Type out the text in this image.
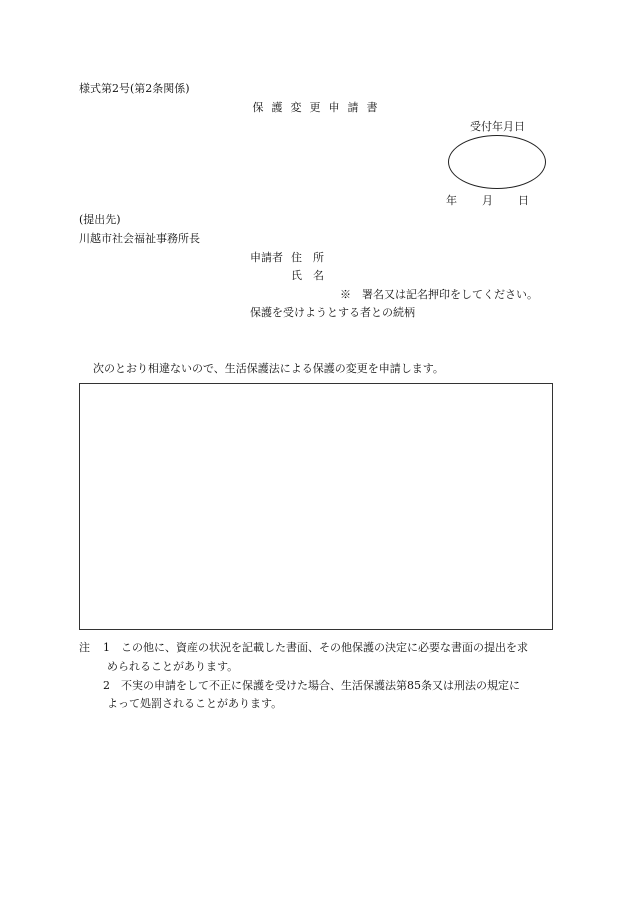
様式第2号(第2条関係)
保 護 変 更 申 請 書
受付年月日
年 月 日
(提出先)
川越市社会福祉事務所長
申請者 住　所
氏　名
※　署名又は記名押印をしてください。
保護を受けようとする者との続柄
次のとおり相違ないので、生活保護法による保護の変更を申請します。
注 1 この他に、資産の状況を記載した書面、その他保護の決定に必要な書面の提出を求
められることがあります。
2 不実の申請をして不正に保護を受けた場合、生活保護法第85条又は刑法の規定に
よって処罰されることがあります。
